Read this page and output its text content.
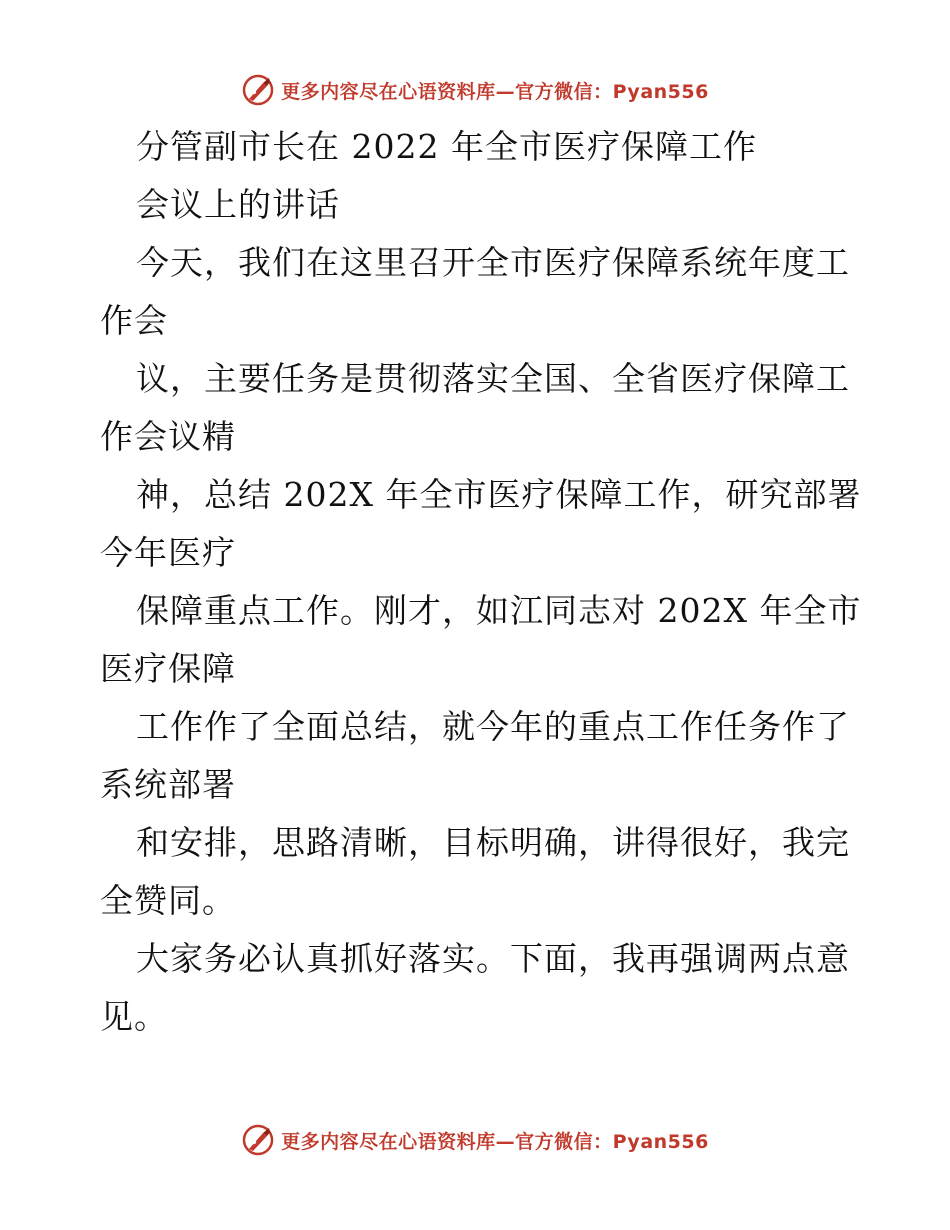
更多内容尽在心语资料库—官方微信：Pyan556
分管副市长在 2022 年全市医疗保障工作
会议上的讲话
今天，我们在这里召开全市医疗保障系统年度工
作会
议，主要任务是贯彻落实全国、全省医疗保障工
作会议精
神，总结 202X 年全市医疗保障工作，研究部署
今年医疗
保障重点工作。刚才，如江同志对 202X 年全市
医疗保障
工作作了全面总结，就今年的重点工作任务作了
系统部署
和安排，思路清晰，目标明确，讲得很好，我完
全赞同。
大家务必认真抓好落实。下面，我再强调两点意
见。
更多内容尽在心语资料库—官方微信：Pyan556
